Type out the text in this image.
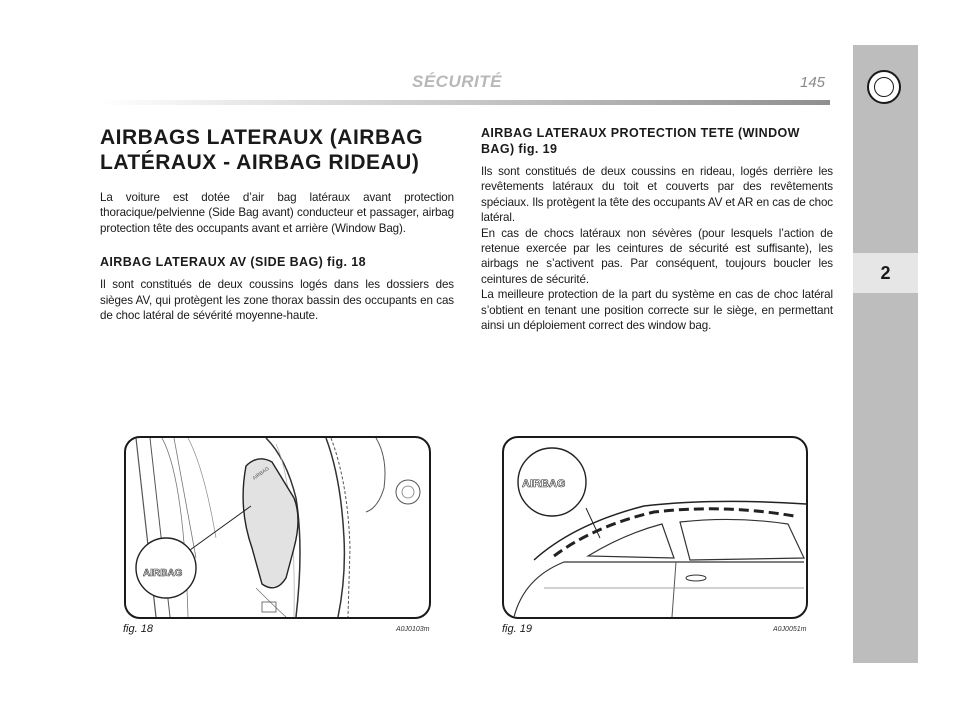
SÉCURITÉ	145
2
AIRBAGS LATERAUX (AIRBAG LATÉRAUX - AIRBAG RIDEAU)

La voiture est dotée d’air bag latéraux avant protection thoracique/pelvienne (Side Bag avant) conducteur et passager, airbag protection tête des occupants avant et arrière (Window Bag).

AIRBAG LATERAUX AV (SIDE BAG) fig. 18

Il sont constitués de deux coussins logés dans les dossiers des sièges AV, qui protègent les zone thorax bassin des occupants en cas de choc latéral de sévérité moyenne-haute.

AIRBAG LATERAUX PROTECTION TETE (WINDOW BAG) fig. 19

Ils sont constitués de deux coussins en rideau, logés derrière les revêtements latéraux du toit et couverts par des revêtements spéciaux. Ils protègent la tête des occupants AV et AR en cas de choc latéral.

En cas de chocs latéraux non sévères (pour lesquels l’action de retenue exercée par les ceintures de sécurité est suffisante), les airbags ne s’activent pas. Par conséquent, toujours boucler les ceintures de sécurité.

La meilleure protection de la part du système en cas de choc latéral s’obtient en tenant une position correcte sur le siège, en permettant ainsi un déploiement correct des window bag.

AIRBAG
AIRBAG
fig. 18	A0J0103m
AIRBAG
fig. 19	A0J0051m
